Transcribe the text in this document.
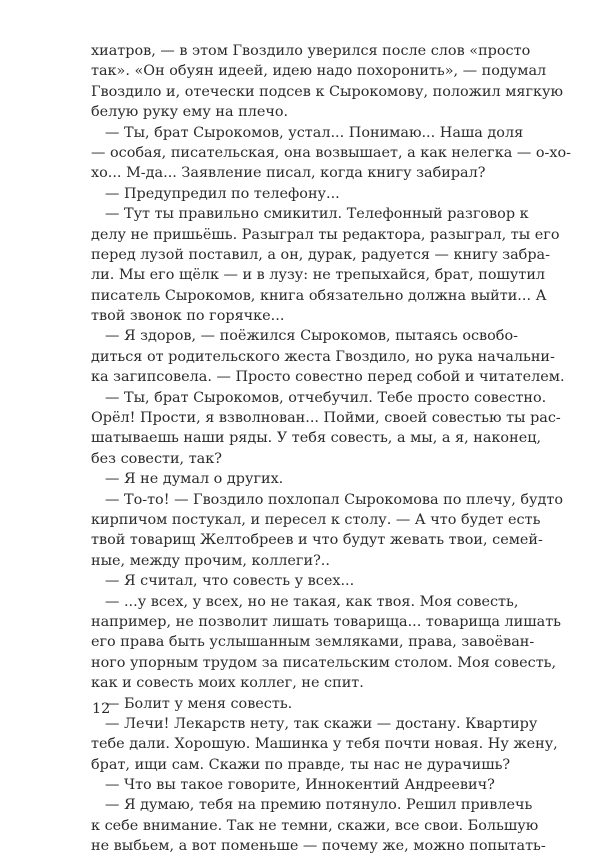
хиатров, — в этом Гвоздило уверился после слов «просто
так». «Он обуян идеей, идею надо похоронить», — подумал
Гвоздило и, отечески подсев к Сырокомову, положил мягкую
белую руку ему на плечо.
— Ты, брат Сырокомов, устал... Понимаю... Наша доля
— особая, писательская, она возвышает, а как нелегка — о-хо-
хо... М-да... Заявление писал, когда книгу забирал?
— Предупредил по телефону...
— Тут ты правильно смикитил. Телефонный разговор к
делу не пришьёшь. Разыграл ты редактора, разыграл, ты его
перед лузой поставил, а он, дурак, радуется — книгу забра-
ли. Мы его щёлк — и в лузу: не трепыхайся, брат, пошутил
писатель Сырокомов, книга обязательно должна выйти... А
твой звонок по горячке...
— Я здоров, — поёжился Сырокомов, пытаясь освобо-
диться от родительского жеста Гвоздило, но рука начальни-
ка загипсовела. — Просто совестно перед собой и читателем.
— Ты, брат Сырокомов, отчебучил. Тебе просто совестно.
Орёл! Прости, я взволнован... Пойми, своей совестью ты рас-
шатываешь наши ряды. У тебя совесть, а мы, а я, наконец,
без совести, так?
— Я не думал о других.
— То-то! — Гвоздило похлопал Сырокомова по плечу, будто
кирпичом постукал, и пересел к столу. — А что будет есть
твой товарищ Желтобреев и что будут жевать твои, семей-
ные, между прочим, коллеги?..
— Я считал, что совесть у всех...
— ...у всех, у всех, но не такая, как твоя. Моя совесть,
например, не позволит лишать товарища... товарища лишать
его права быть услышанным земляками, права, завоёван-
ного упорным трудом за писательским столом. Моя совесть,
как и совесть моих коллег, не спит.
— Болит у меня совесть.
— Лечи! Лекарств нету, так скажи — достану. Квартиру
тебе дали. Хорошую. Машинка у тебя почти новая. Ну жену,
брат, ищи сам. Скажи по правде, ты нас не дурачишь?
— Что вы такое говорите, Иннокентий Андреевич?
— Я думаю, тебя на премию потянуло. Решил привлечь
к себе внимание. Так не темни, скажи, все свои. Большую
не выбьем, а вот поменьше — почему же, можно попытать-
12
